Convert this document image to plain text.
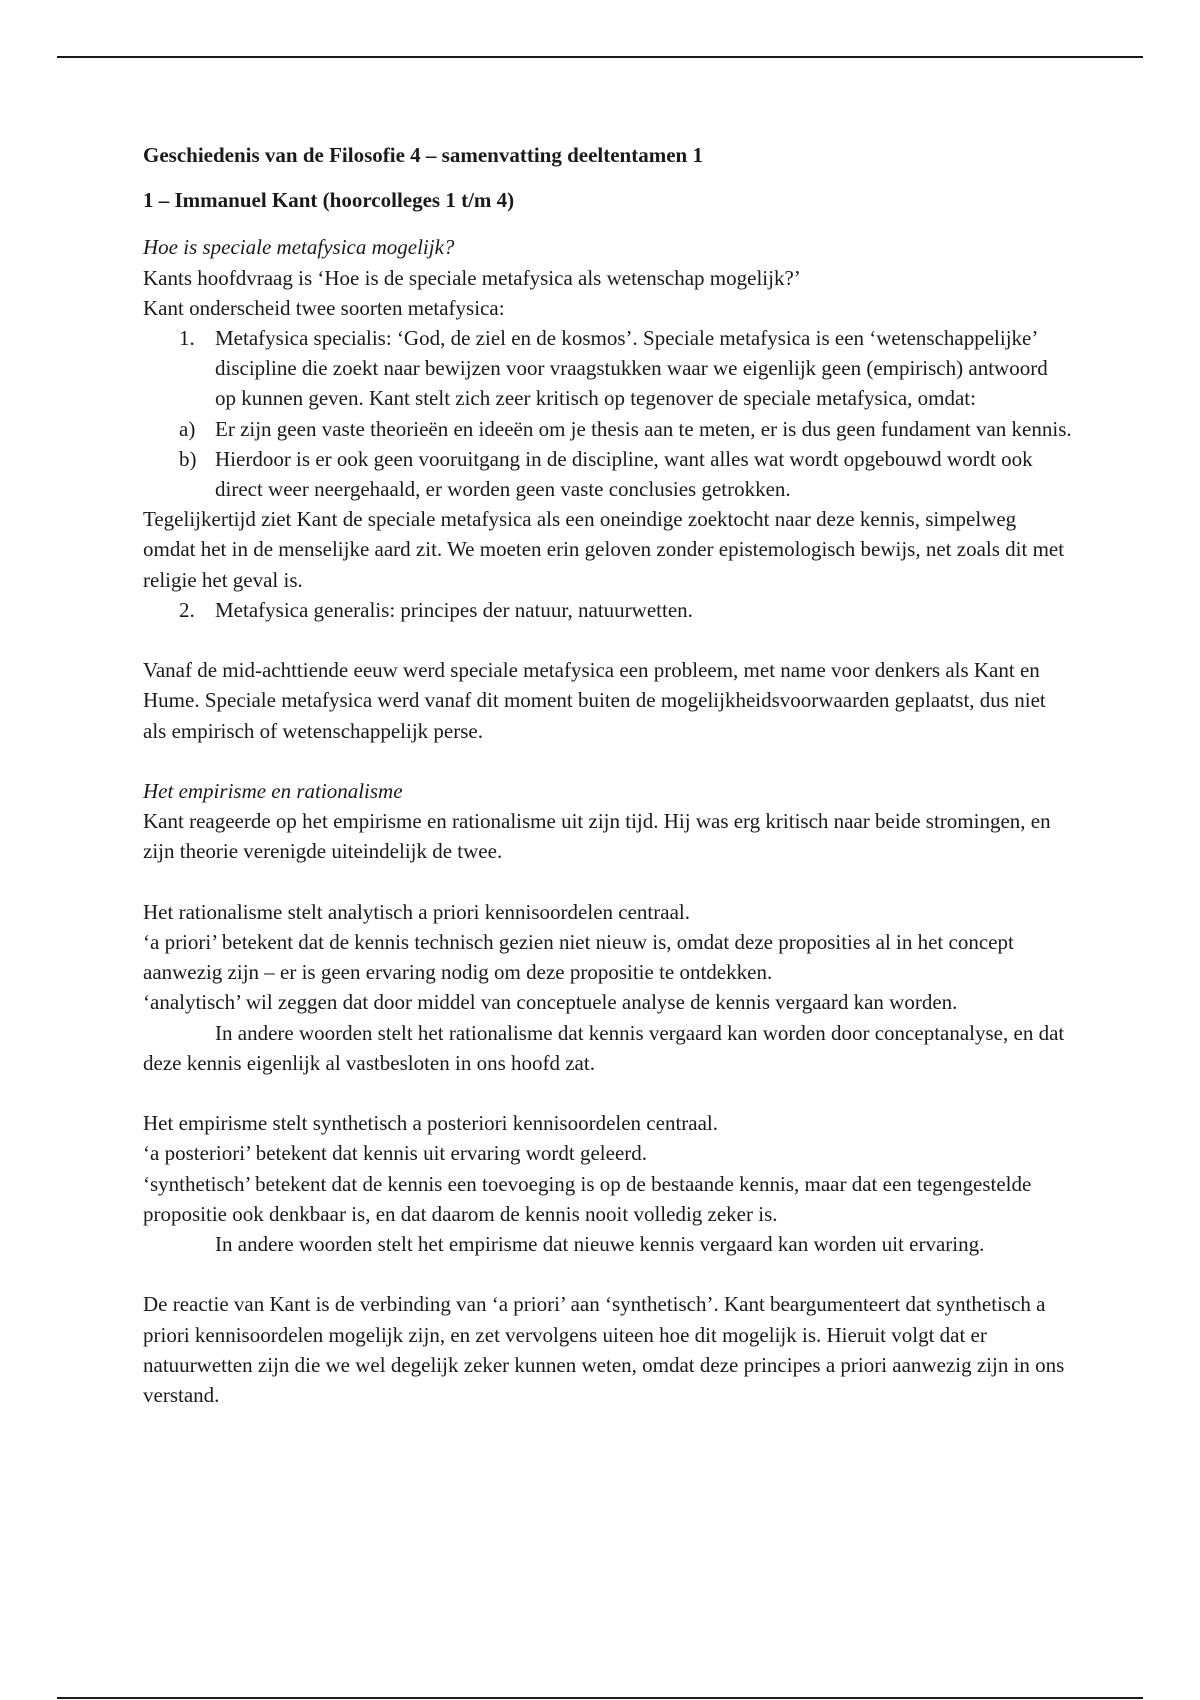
Geschiedenis van de Filosofie 4 – samenvatting deeltentamen 1

1 – Immanuel Kant (hoorcolleges 1 t/m 4)

Hoe is speciale metafysica mogelijk?

Kants hoofdvraag is ‘Hoe is de speciale metafysica als wetenschap mogelijk?’

Kant onderscheid twee soorten metafysica:

1. Metafysica specialis: ‘God, de ziel en de kosmos’. Speciale metafysica is een ‘wetenschappelijke’ discipline die zoekt naar bewijzen voor vraagstukken waar we eigenlijk geen (empirisch) antwoord op kunnen geven. Kant stelt zich zeer kritisch op tegenover de speciale metafysica, omdat:
a) Er zijn geen vaste theorieën en ideeën om je thesis aan te meten, er is dus geen fundament van kennis.
b) Hierdoor is er ook geen vooruitgang in de discipline, want alles wat wordt opgebouwd wordt ook direct weer neergehaald, er worden geen vaste conclusies getrokken.

Tegelijkertijd ziet Kant de speciale metafysica als een oneindige zoektocht naar deze kennis, simpelweg omdat het in de menselijke aard zit. We moeten erin geloven zonder epistemologisch bewijs, net zoals dit met religie het geval is.

2. Metafysica generalis: principes der natuur, natuurwetten.

Vanaf de mid-achttiende eeuw werd speciale metafysica een probleem, met name voor denkers als Kant en Hume. Speciale metafysica werd vanaf dit moment buiten de mogelijkheidsvoorwaarden geplaatst, dus niet als empirisch of wetenschappelijk perse.

Het empirisme en rationalisme

Kant reageerde op het empirisme en rationalisme uit zijn tijd. Hij was erg kritisch naar beide stromingen, en zijn theorie verenigde uiteindelijk de twee.

Het rationalisme stelt analytisch a priori kennisoordelen centraal.

‘a priori’ betekent dat de kennis technisch gezien niet nieuw is, omdat deze proposities al in het concept aanwezig zijn – er is geen ervaring nodig om deze propositie te ontdekken.

‘analytisch’ wil zeggen dat door middel van conceptuele analyse de kennis vergaard kan worden.

In andere woorden stelt het rationalisme dat kennis vergaard kan worden door conceptanalyse, en dat deze kennis eigenlijk al vastbesloten in ons hoofd zat.

Het empirisme stelt synthetisch a posteriori kennisoordelen centraal.

‘a posteriori’ betekent dat kennis uit ervaring wordt geleerd.

‘synthetisch’ betekent dat de kennis een toevoeging is op de bestaande kennis, maar dat een tegengestelde propositie ook denkbaar is, en dat daarom de kennis nooit volledig zeker is.

In andere woorden stelt het empirisme dat nieuwe kennis vergaard kan worden uit ervaring.

De reactie van Kant is de verbinding van ‘a priori’ aan ‘synthetisch’. Kant beargumenteert dat synthetisch a priori kennisoordelen mogelijk zijn, en zet vervolgens uiteen hoe dit mogelijk is. Hieruit volgt dat er natuurwetten zijn die we wel degelijk zeker kunnen weten, omdat deze principes a priori aanwezig zijn in ons verstand.
